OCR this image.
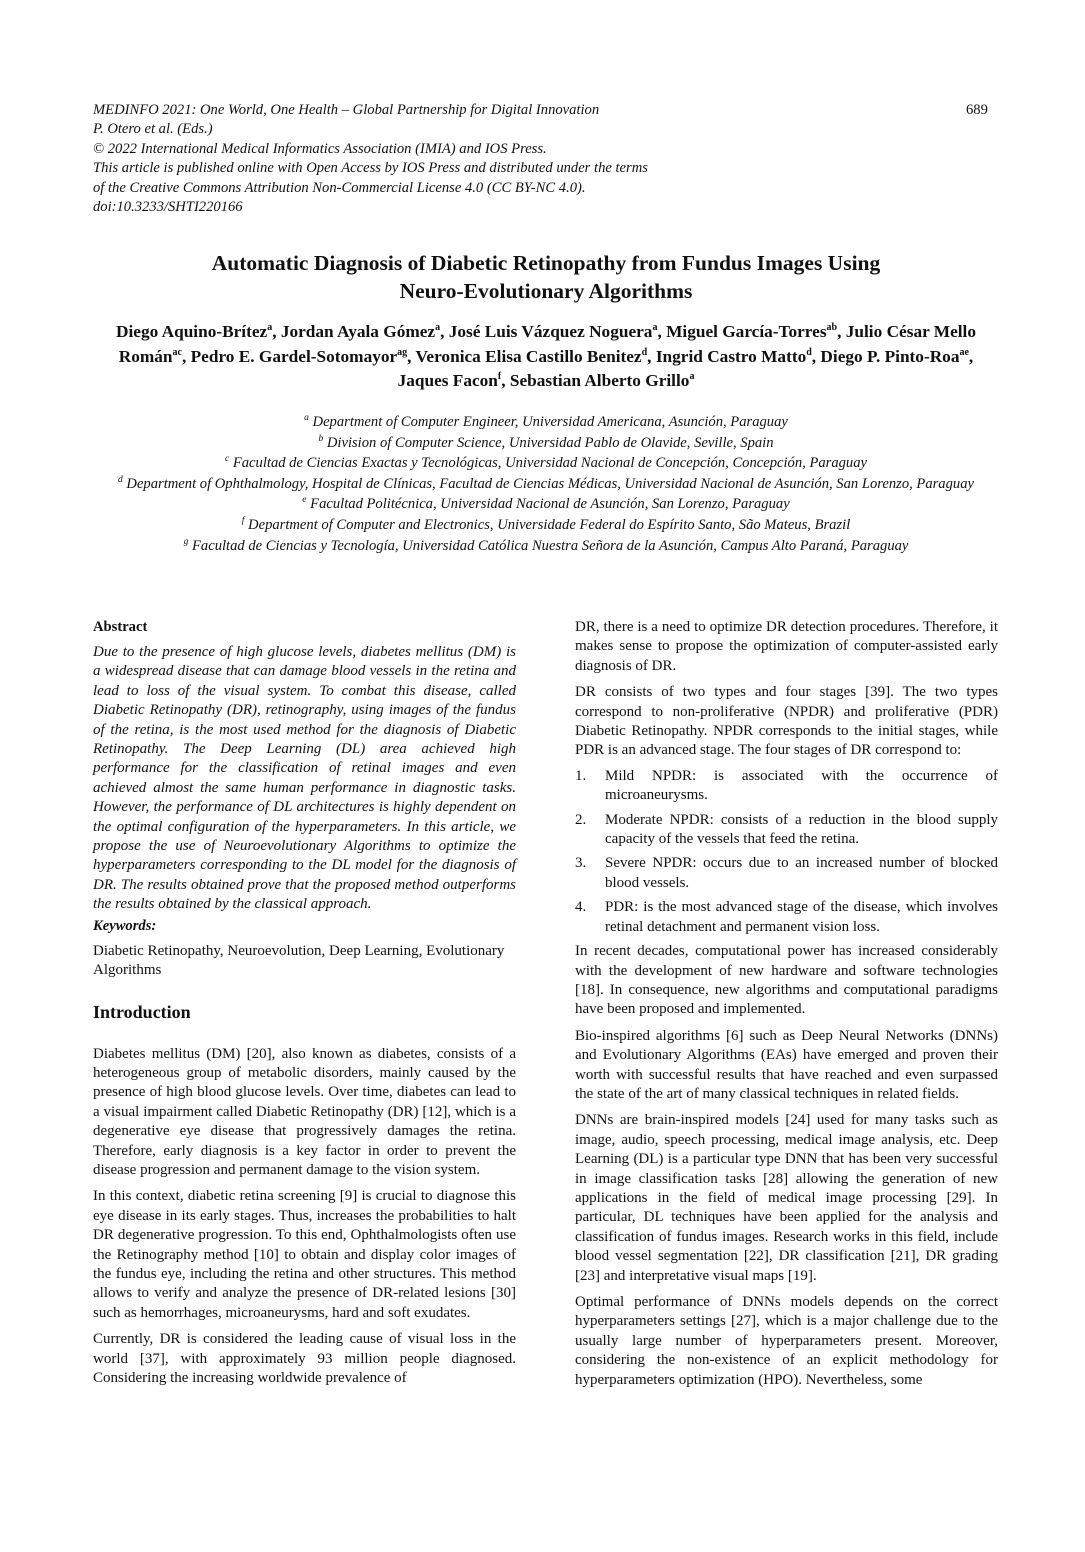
MEDINFO 2021: One World, One Health – Global Partnership for Digital Innovation
P. Otero et al. (Eds.)
© 2022 International Medical Informatics Association (IMIA) and IOS Press.
This article is published online with Open Access by IOS Press and distributed under the terms
of the Creative Commons Attribution Non-Commercial License 4.0 (CC BY-NC 4.0).
doi:10.3233/SHTI220166
689
Automatic Diagnosis of Diabetic Retinopathy from Fundus Images Using
Neuro-Evolutionary Algorithms
Diego Aquino-Brítez$^a$, Jordan Ayala Gómez$^a$, José Luis Vázquez Noguera$^a$, Miguel García-Torres$^{ab}$, Julio César Mello Román$^{ac}$, Pedro E. Gardel-Sotomayor$^{ag}$, Veronica Elisa Castillo Benitez$^d$, Ingrid Castro Matto$^d$, Diego P. Pinto-Roa$^{ae}$, Jaques Facon$^f$, Sebastian Alberto Grillo$^a$
$^a$ Department of Computer Engineer, Universidad Americana, Asunción, Paraguay
$^b$ Division of Computer Science, Universidad Pablo de Olavide, Seville, Spain
$^c$ Facultad de Ciencias Exactas y Tecnológicas, Universidad Nacional de Concepción, Concepción, Paraguay
$^d$ Department of Ophthalmology, Hospital de Clínicas, Facultad de Ciencias Médicas, Universidad Nacional de Asunción, San Lorenzo, Paraguay
$^e$ Facultad Politécnica, Universidad Nacional de Asunción, San Lorenzo, Paraguay
$^f$ Department of Computer and Electronics, Universidade Federal do Espírito Santo, São Mateus, Brazil
$^g$ Facultad de Ciencias y Tecnología, Universidad Católica Nuestra Señora de la Asunción, Campus Alto Paraná, Paraguay
Abstract

Due to the presence of high glucose levels, diabetes mellitus (DM) is a widespread disease that can damage blood vessels in the retina and lead to loss of the visual system. To combat this disease, called Diabetic Retinopathy (DR), retinography, using images of the fundus of the retina, is the most used method for the diagnosis of Diabetic Retinopathy. The Deep Learning (DL) area achieved high performance for the classification of retinal images and even achieved almost the same human performance in diagnostic tasks. However, the performance of DL architectures is highly dependent on the optimal configuration of the hyperparameters. In this article, we propose the use of Neuroevolutionary Algorithms to optimize the hyperparameters corresponding to the DL model for the diagnosis of DR. The results obtained prove that the proposed method outperforms the results obtained by the classical approach.

Keywords:

Diabetic Retinopathy, Neuroevolution, Deep Learning, Evolutionary Algorithms

Introduction

Diabetes mellitus (DM) [20], also known as diabetes, consists of a heterogeneous group of metabolic disorders, mainly caused by the presence of high blood glucose levels. Over time, diabetes can lead to a visual impairment called Diabetic Retinopathy (DR) [12], which is a degenerative eye disease that progressively damages the retina. Therefore, early diagnosis is a key factor in order to prevent the disease progression and permanent damage to the vision system.

In this context, diabetic retina screening [9] is crucial to diagnose this eye disease in its early stages. Thus, increases the probabilities to halt DR degenerative progression. To this end, Ophthalmologists often use the Retinography method [10] to obtain and display color images of the fundus eye, including the retina and other structures. This method allows to verify and analyze the presence of DR-related lesions [30] such as hemorrhages, microaneurysms, hard and soft exudates.

Currently, DR is considered the leading cause of visual loss in the world [37], with approximately 93 million people diagnosed. Considering the increasing worldwide prevalence of

DR, there is a need to optimize DR detection procedures. Therefore, it makes sense to propose the optimization of computer-assisted early diagnosis of DR.

DR consists of two types and four stages [39]. The two types correspond to non-proliferative (NPDR) and proliferative (PDR) Diabetic Retinopathy. NPDR corresponds to the initial stages, while PDR is an advanced stage. The four stages of DR correspond to:

1. Mild NPDR: is associated with the occurrence of microaneurysms.
2. Moderate NPDR: consists of a reduction in the blood supply capacity of the vessels that feed the retina.
3. Severe NPDR: occurs due to an increased number of blocked blood vessels.
4. PDR: is the most advanced stage of the disease, which involves retinal detachment and permanent vision loss.

In recent decades, computational power has increased considerably with the development of new hardware and software technologies [18]. In consequence, new algorithms and computational paradigms have been proposed and implemented.

Bio-inspired algorithms [6] such as Deep Neural Networks (DNNs) and Evolutionary Algorithms (EAs) have emerged and proven their worth with successful results that have reached and even surpassed the state of the art of many classical techniques in related fields.

DNNs are brain-inspired models [24] used for many tasks such as image, audio, speech processing, medical image analysis, etc. Deep Learning (DL) is a particular type DNN that has been very successful in image classification tasks [28] allowing the generation of new applications in the field of medical image processing [29]. In particular, DL techniques have been applied for the analysis and classification of fundus images. Research works in this field, include blood vessel segmentation [22], DR classification [21], DR grading [23] and interpretative visual maps [19].

Optimal performance of DNNs models depends on the correct hyperparameters settings [27], which is a major challenge due to the usually large number of hyperparameters present. Moreover, considering the non-existence of an explicit methodology for hyperparameters optimization (HPO). Nevertheless, some
